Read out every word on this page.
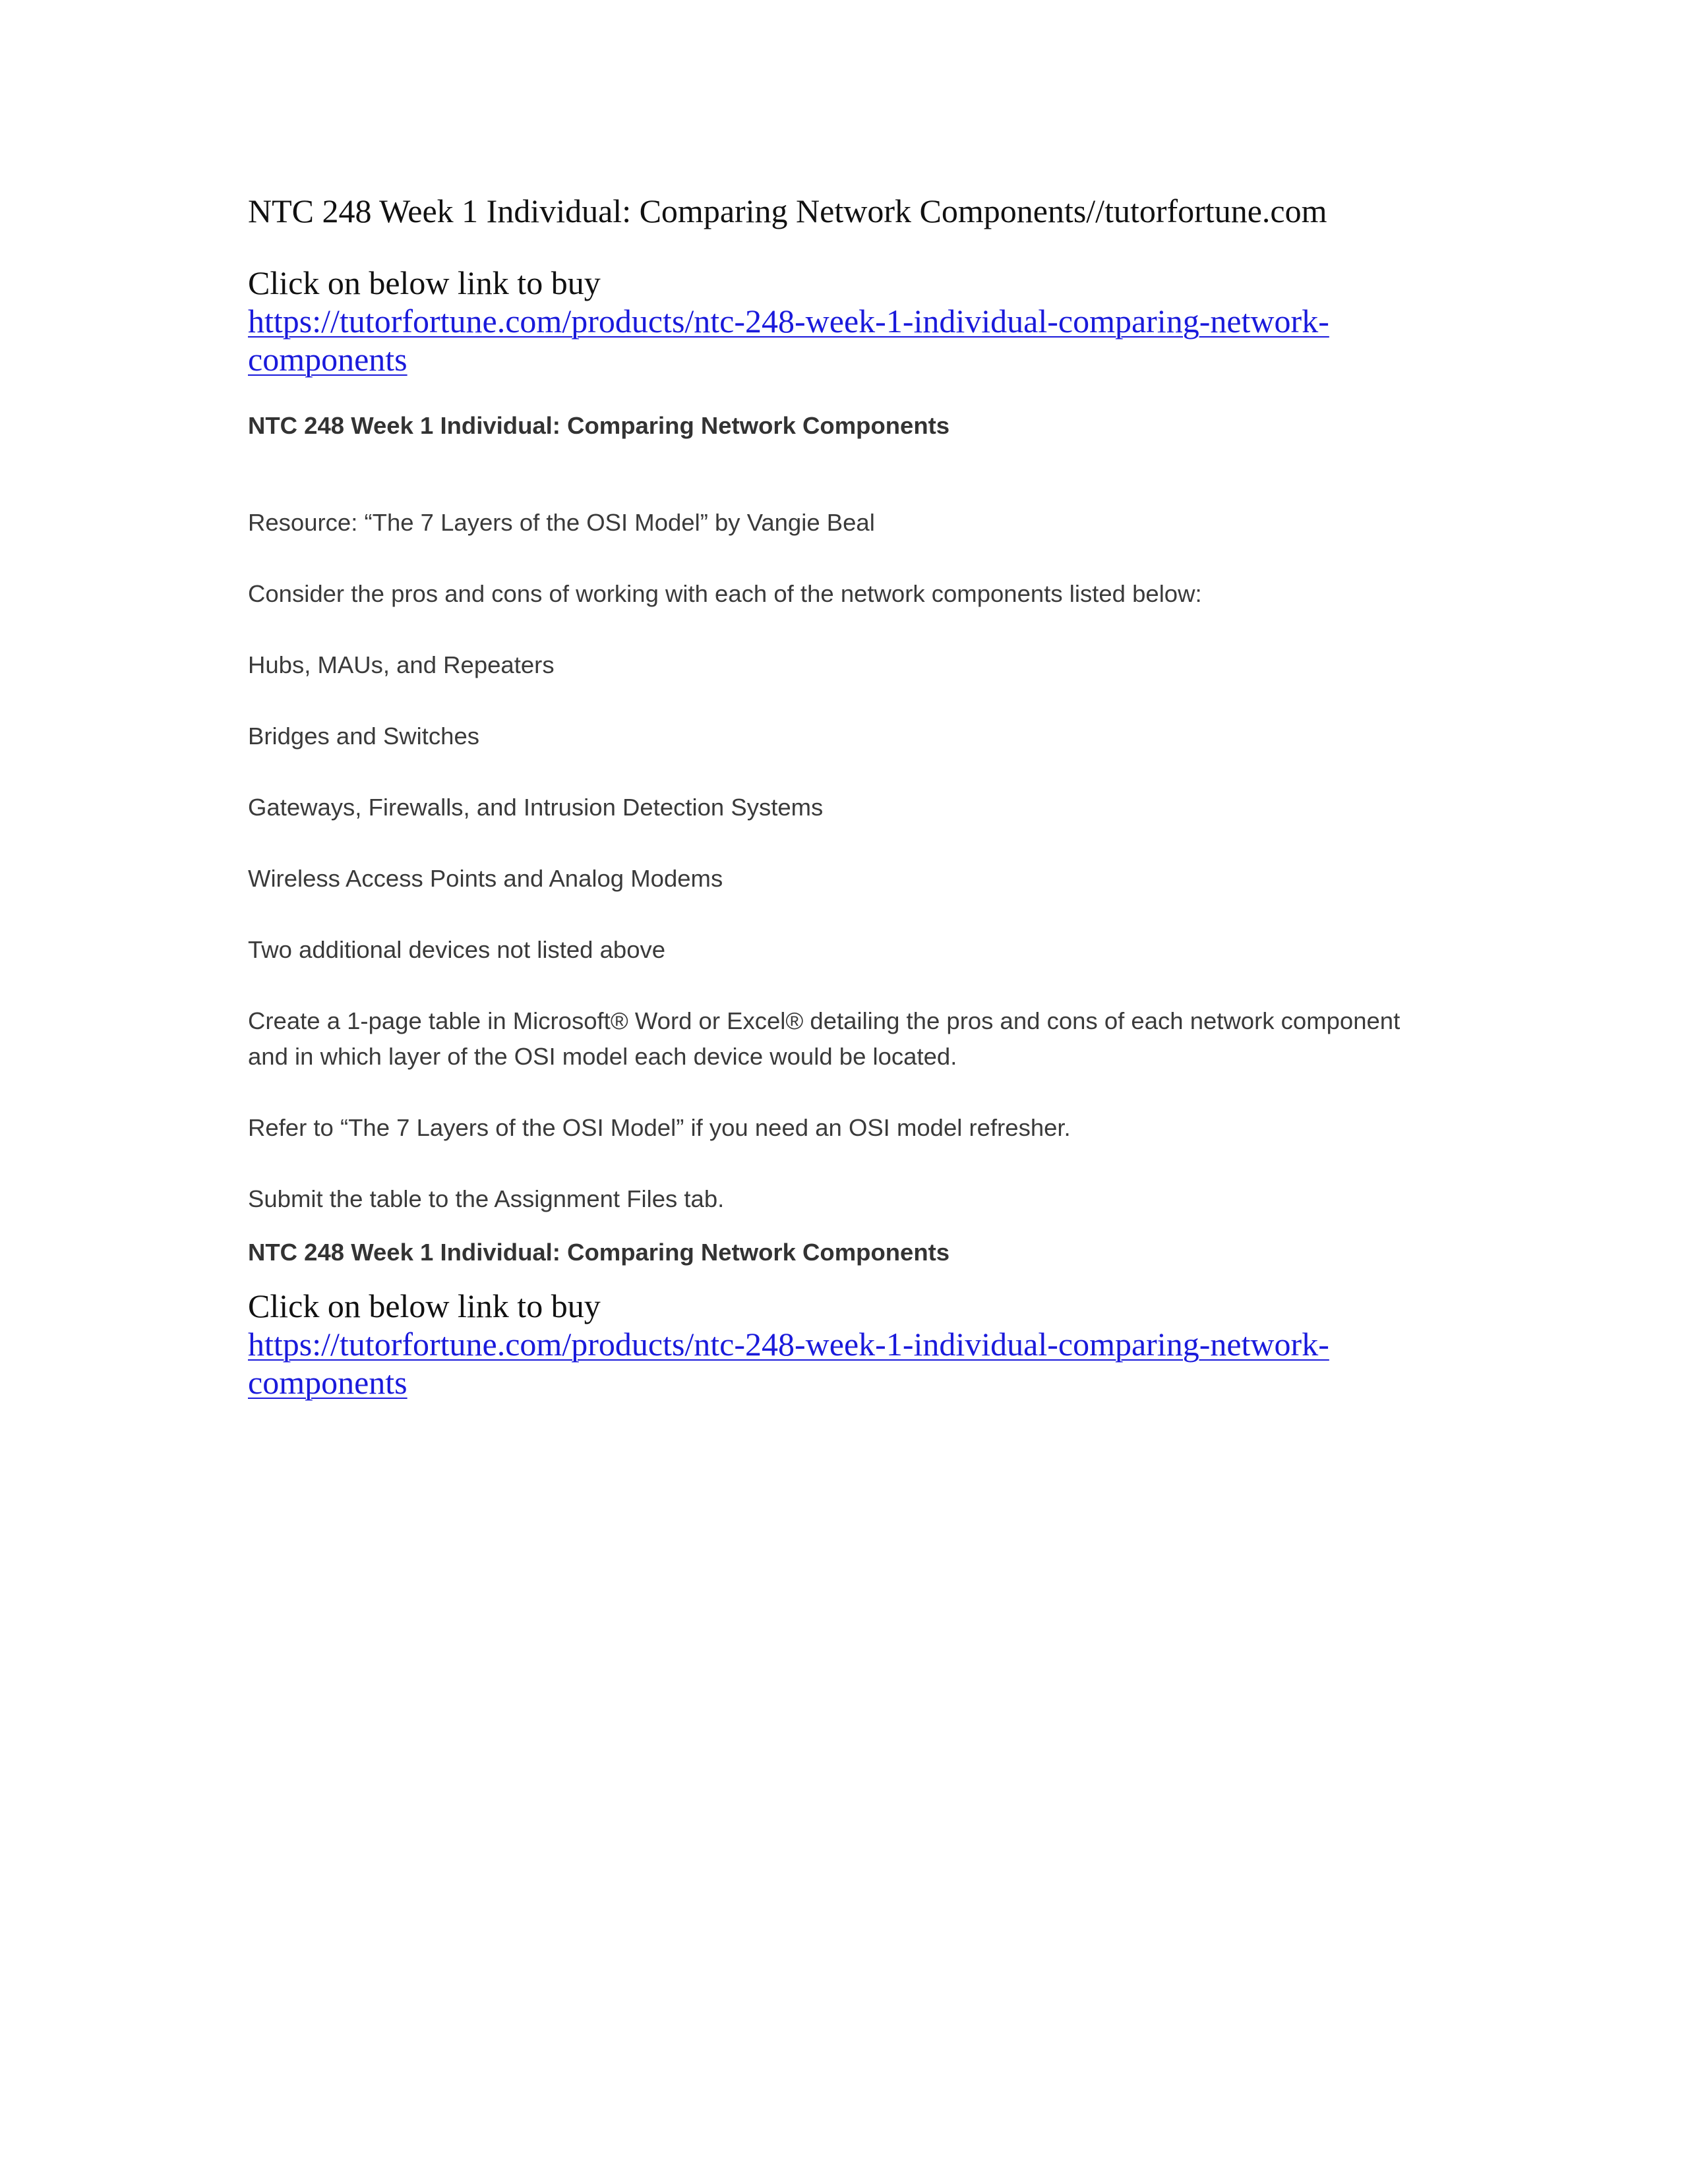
NTC 248 Week 1 Individual: Comparing Network Components//tutorfortune.com
Click on below link to buy
https://tutorfortune.com/products/ntc-248-week-1-individual-comparing-network-
components
NTC 248 Week 1 Individual: Comparing Network Components

Resource: “The 7 Layers of the OSI Model” by Vangie Beal

Consider the pros and cons of working with each of the network components listed below:

Hubs, MAUs, and Repeaters

Bridges and Switches

Gateways, Firewalls, and Intrusion Detection Systems

Wireless Access Points and Analog Modems

Two additional devices not listed above

Create a 1-page table in Microsoft® Word or Excel® detailing the pros and cons of each network component
and in which layer of the OSI model each device would be located.

Refer to “The 7 Layers of the OSI Model” if you need an OSI model refresher.

Submit the table to the Assignment Files tab.

NTC 248 Week 1 Individual: Comparing Network Components
Click on below link to buy
https://tutorfortune.com/products/ntc-248-week-1-individual-comparing-network-
components
